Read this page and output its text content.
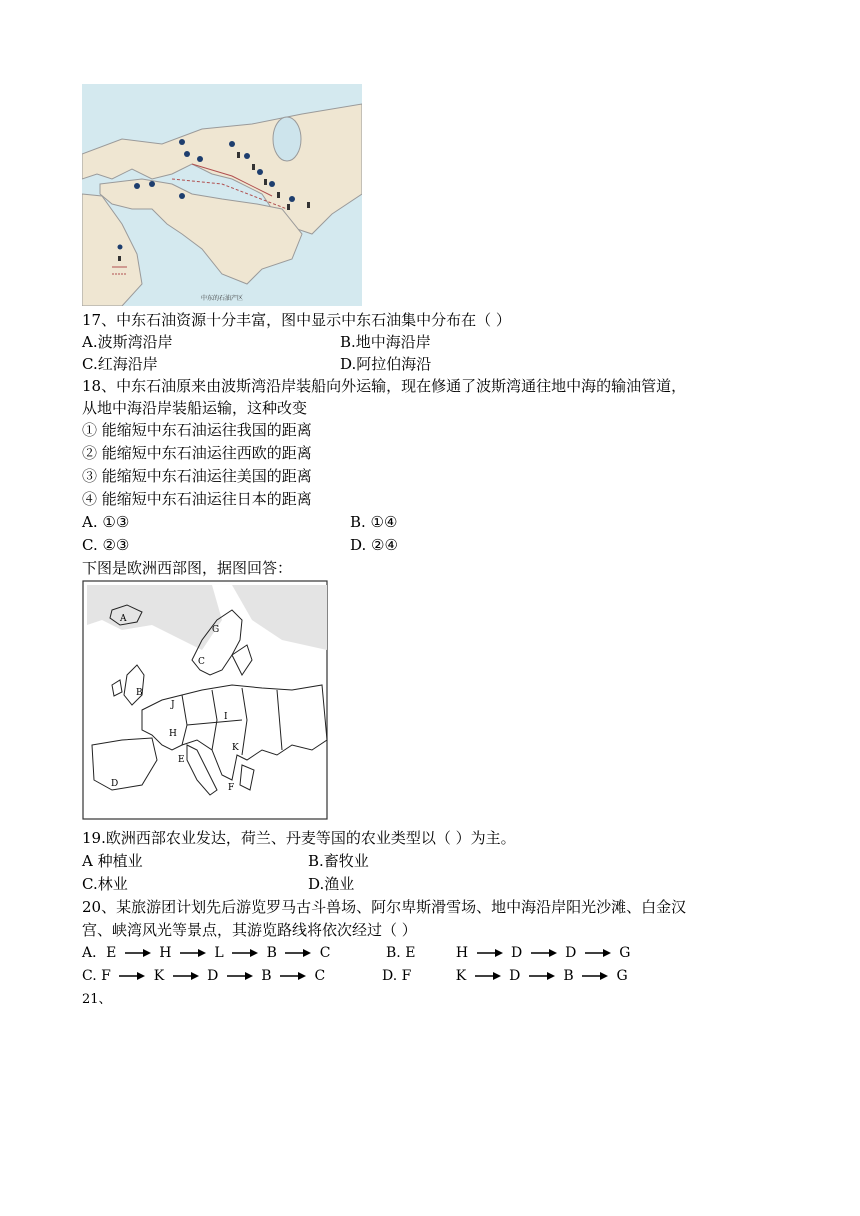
中东的石油产区
17、中东石油资源十分丰富，图中显示中东石油集中分布在（ ）
A.波斯湾沿岸	B.地中海沿岸
C.红海沿岸	D.阿拉伯海沿
18、中东石油原来由波斯湾沿岸装船向外运输，现在修通了波斯湾通往地中海的输油管道，
从地中海沿岸装船运输，这种改变
① 能缩短中东石油运往我国的距离
② 能缩短中东石油运往西欧的距离
③ 能缩短中东石油运往美国的距离
④ 能缩短中东石油运往日本的距离
A. ①③	B. ①④
C. ②③	D. ②④
下图是欧洲西部图，据图回答：
A
B
C
D
E
F
G
H
I
J
K
19.欧洲西部农业发达，荷兰、丹麦等国的农业类型以（ ）为主。
A 种植业	B.畜牧业
C.林业	D.渔业
20、某旅游团计划先后游览罗马古斗兽场、阿尔卑斯滑雪场、地中海沿岸阳光沙滩、白金汉
宫、峡湾风光等景点，其游览路线将依次经过（ ）
A．E	H	L	B	C	B. E	H	D	D	G
C. F	K	D	B	C	D. F	K	D	B	G
21、
